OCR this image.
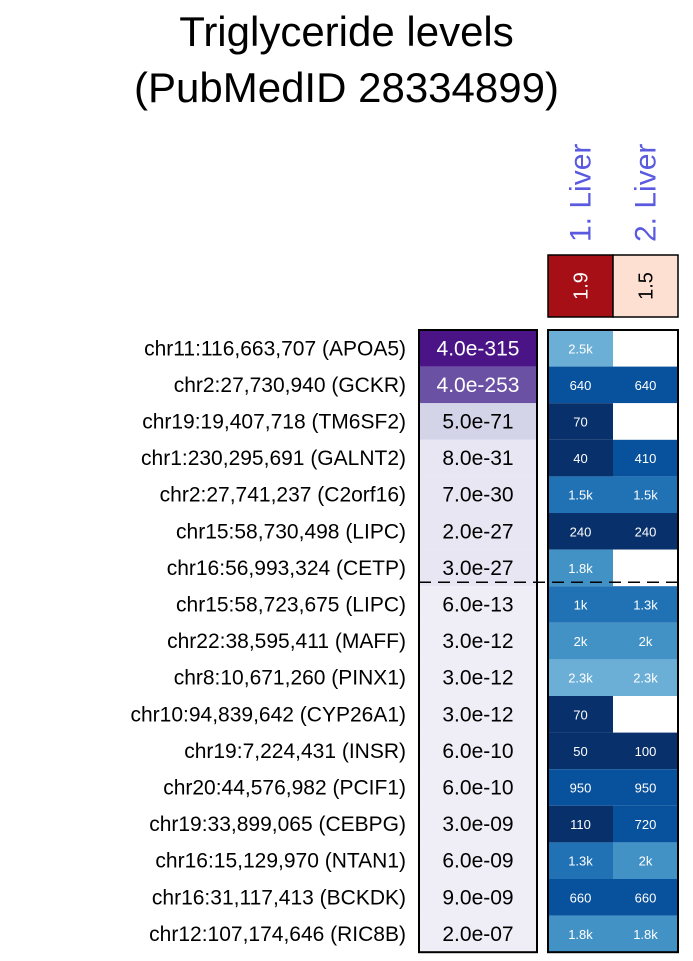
Triglyceride levels
(PubMedID 28334899)
1. Liver 2. Liver
1.9 1.5
chr11:116,663,707 (APOA5) 4.0e-315	2.5k
chr2:27,730,940 (GCKR) 4.0e-253	640	640
chr19:19,407,718 (TM6SF2) 5.0e-71	70
chr1:230,295,691 (GALNT2) 8.0e-31	40	410
chr2:27,741,237 (C2orf16) 7.0e-30	1.5k	1.5k
chr15:58,730,498 (LIPC) 2.0e-27	240	240
chr16:56,993,324 (CETP) 3.0e-27	1.8k
chr15:58,723,675 (LIPC) 6.0e-13	1k	1.3k
chr22:38,595,411 (MAFF) 3.0e-12	2k	2k
chr8:10,671,260 (PINX1) 3.0e-12	2.3k	2.3k
chr10:94,839,642 (CYP26A1) 3.0e-12	70
chr19:7,224,431 (INSR) 6.0e-10	50	100
chr20:44,576,982 (PCIF1) 6.0e-10	950	950
chr19:33,899,065 (CEBPG) 3.0e-09	110	720
chr16:15,129,970 (NTAN1) 6.0e-09	1.3k	2k
chr16:31,117,413 (BCKDK) 9.0e-09	660	660
chr12:107,174,646 (RIC8B) 2.0e-07	1.8k	1.8k
